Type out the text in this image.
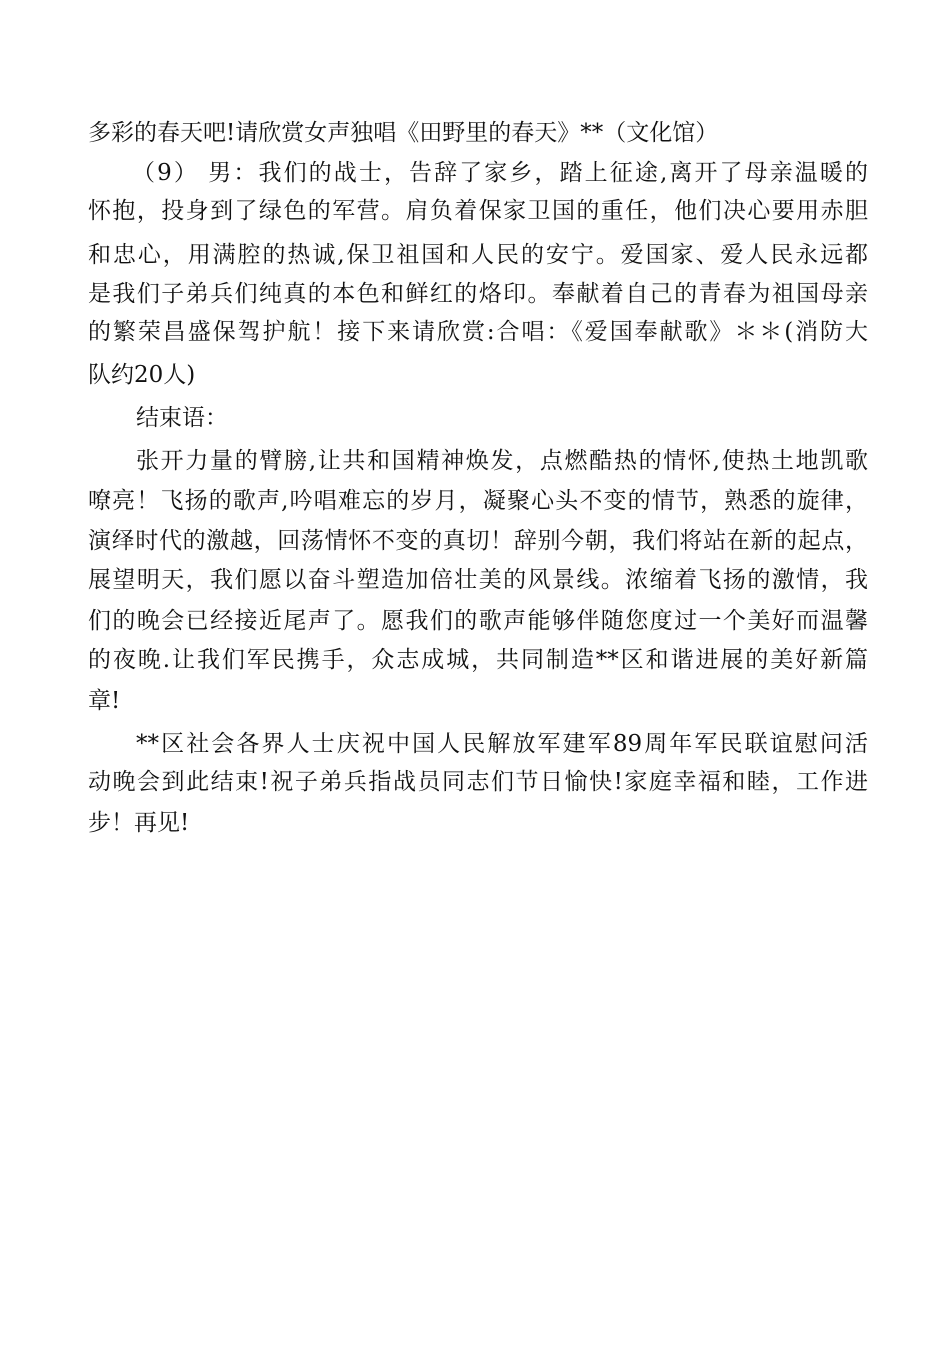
多彩的春天吧!请欣赏女声独唱《田野里的春天》**（文化馆）
（9） 男：我们的战士，告辞了家乡，踏上征途,离开了母亲温暖的
怀抱，投身到了绿色的军营。肩负着保家卫国的重任，他们决心要用赤胆
和忠心，用满腔的热诚,保卫祖国和人民的安宁。爱国家、爱人民永远都
是我们子弟兵们纯真的本色和鲜红的烙印。奉献着自己的青春为祖国母亲
的繁荣昌盛保驾护航！接下来请欣赏:合唱：《爱国奉献歌》＊＊(消防大
队约20人)
结束语：
张开力量的臂膀,让共和国精神焕发，点燃酷热的情怀,使热土地凯歌
嘹亮！飞扬的歌声,吟唱难忘的岁月，凝聚心头不变的情节，熟悉的旋律，
演绎时代的激越，回荡情怀不变的真切！辞别今朝，我们将站在新的起点，
展望明天，我们愿以奋斗塑造加倍壮美的风景线。浓缩着飞扬的激情，我
们的晚会已经接近尾声了。愿我们的歌声能够伴随您度过一个美好而温馨
的夜晚.让我们军民携手，众志成城，共同制造**区和谐进展的美好新篇
章!
**区社会各界人士庆祝中国人民解放军建军89周年军民联谊慰问活
动晚会到此结束!祝子弟兵指战员同志们节日愉快!家庭幸福和睦，工作进
步！再见!
